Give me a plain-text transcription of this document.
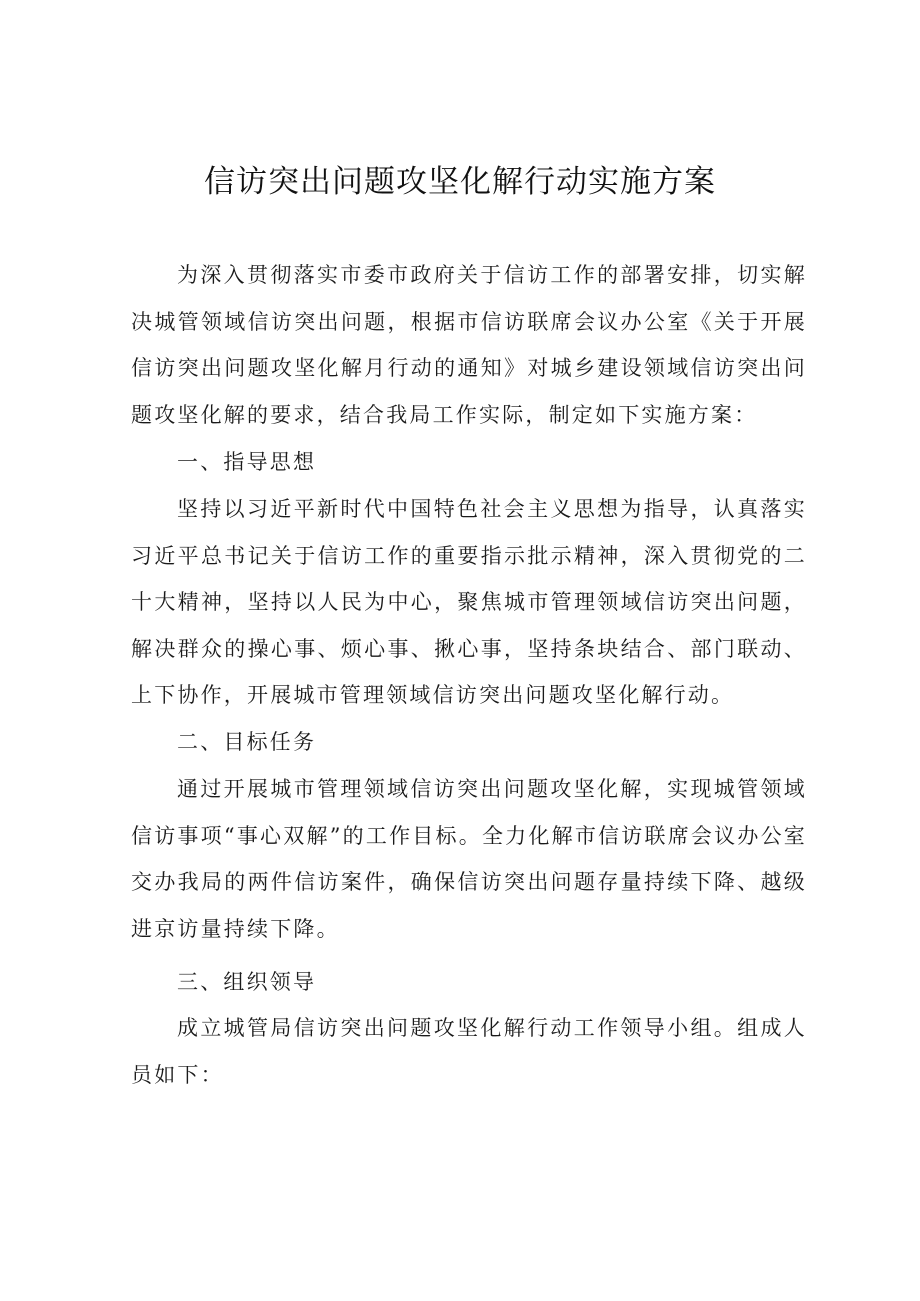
信访突出问题攻坚化解行动实施方案

为深入贯彻落实市委市政府关于信访工作的部署安排，切实解决城管领域信访突出问题，根据市信访联席会议办公室《关于开展信访突出问题攻坚化解月行动的通知》对城乡建设领域信访突出问题攻坚化解的要求，结合我局工作实际，制定如下实施方案：

一、指导思想

坚持以习近平新时代中国特色社会主义思想为指导，认真落实习近平总书记关于信访工作的重要指示批示精神，深入贯彻党的二十大精神，坚持以人民为中心，聚焦城市管理领域信访突出问题，解决群众的操心事、烦心事、揪心事，坚持条块结合、部门联动、上下协作，开展城市管理领域信访突出问题攻坚化解行动。

二、目标任务

通过开展城市管理领域信访突出问题攻坚化解，实现城管领域信访事项“事心双解”的工作目标。全力化解市信访联席会议办公室交办我局的两件信访案件，确保信访突出问题存量持续下降、越级进京访量持续下降。

三、组织领导

成立城管局信访突出问题攻坚化解行动工作领导小组。组成人员如下：
